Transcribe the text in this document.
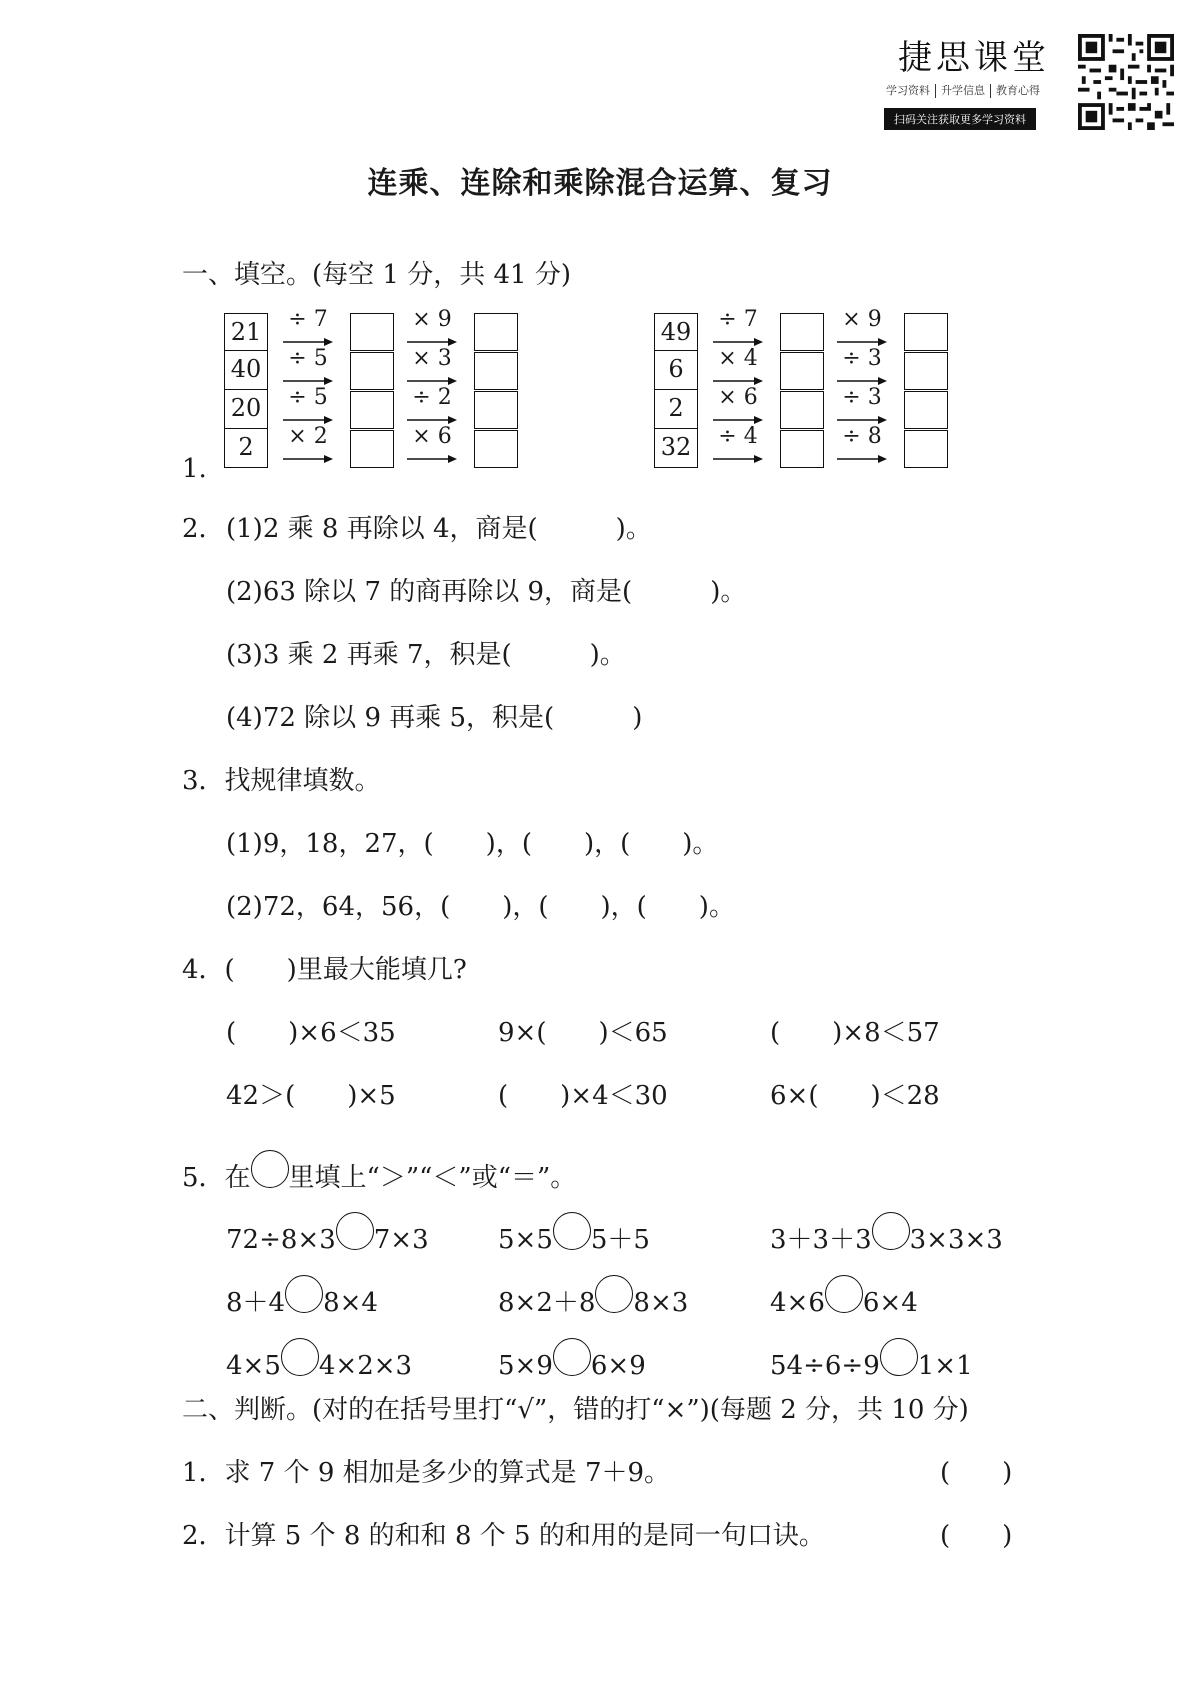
捷思课堂
学习资料 升学信息 教育心得
扫码关注获取更多学习资料
连乘、连除和乘除混合运算、复习
一、填空。(每空 1 分，共 41 分)
1.
21
40
20
2
÷ 7	× 9
÷ 5	× 3
÷ 5	÷ 2
× 2	× 6
49
6
2
32
÷ 7	× 9
× 4	÷ 3
× 6	÷ 3
÷ 4	÷ 8
2． (1)2 乘 8 再除以 4，商是(　　　)。
(2)63 除以 7 的商再除以 9，商是(　　　)。
(3)3 乘 2 再乘 7，积是(　　　)。
(4)72 除以 9 再乘 5，积是(　　　)
3．找规律填数。
(1)9，18，27，(　　)，(　　)，(　　)。
(2)72，64，56，(　　)，(　　)，(　　)。
4．(　　)里最大能填几?
(　　)×6＜35	9×(　　)＜65	(　　)×8＜57
42＞(　　)×5	(　　)×4＜30	6×(　　)＜28
5．在 里填上“＞”“＜”或“＝”。
72÷8×3 7×3	5×5 5＋5	3＋3＋3 3×3×3
8＋4 8×4	8×2＋8 8×3	4×6 6×4
4×5 4×2×3	5×9 6×9	54÷6÷9 1×1
二、判断。(对的在括号里打“√”，错的打“×”)(每题 2 分，共 10 分)
1．求 7 个 9 相加是多少的算式是 7＋9。	(　　)
2．计算 5 个 8 的和和 8 个 5 的和用的是同一句口诀。	(　　)
